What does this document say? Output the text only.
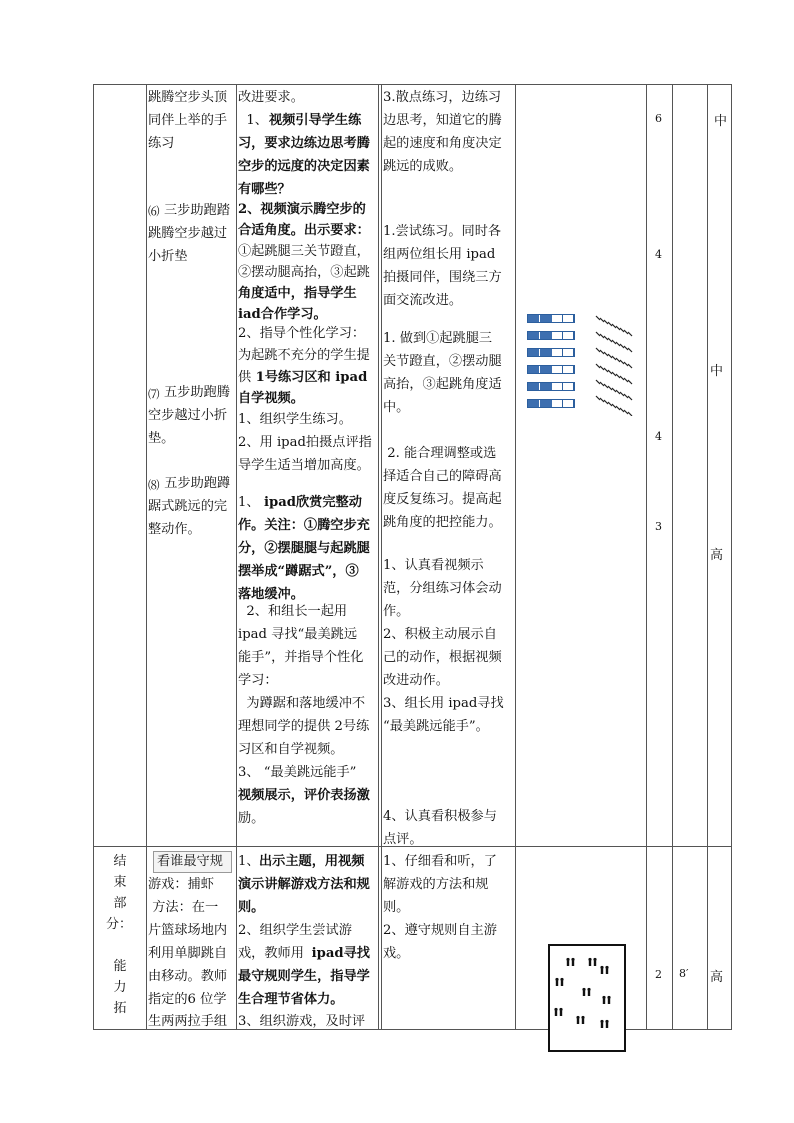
跳腾空步头顶
同伴上举的手
练习
⑹ 三步助跑踏
跳腾空步越过
小折垫
⑺ 五步助跑腾
空步越过小折
垫。
⑻ 五步助跑蹲
踞式跳远的完
整动作。
改进要求。
1、 视频引导学生练
习，要求边练边思考腾
空步的远度的决定因素
有哪些？
2、视频演示腾空步的
合适角度。出示要求：
①起跳腿三关节蹬直，
②摆动腿高抬，③起跳
角度适中，指导学生
iad合作学习。
2、指导个性化学习：
为起跳不充分的学生提
供 1号练习区和 ipad
自学视频。
1、组织学生练习。
2、用 ipad拍摄点评指
导学生适当增加高度。
1、 ipad欣赏完整动
作。关注：①腾空步充
分，②摆腿腿与起跳腿
摆举成“蹲踞式”，③
落地缓冲。
2、和组长一起用
ipad 寻找“最美跳远
能手”，并指导个性化
学习：
为蹲踞和落地缓冲不
理想同学的提供 2号练
习区和自学视频。
3、 “最美跳远能手”
视频展示，评价表扬激
励。
3.散点练习，边练习
边思考，知道它的腾
起的速度和角度决定
跳远的成败。
1.尝试练习。同时各
组两位组长用 ipad
拍摄同伴，围绕三方
面交流改进。
1. 做到①起跳腿三
关节蹬直，②摆动腿
高抬，③起跳角度适
中。
2. 能合理调整或选
择适合自己的障碍高
度反复练习。提高起
跳角度的把控能力。
1、认真看视频示
范，分组练习体会动
作。
2、积极主动展示自
己的动作，根据视频
改进动作。
3、组长用 ipad寻找
“最美跳远能手”。
4、认真看积极参与
点评。
6
4
4
3
中
中
高
结
束
部
分：
能
力
拓
看谁最守规
游戏：捕虾
方法：在一
片篮球场地内
利用单脚跳自
由移动。教师
指定的6 位学
生两两拉手组
1、 出示主题，用视频
演示讲解游戏方法和规
则。
2、组织学生尝试游
戏，教师用 ipad寻找
最守规则学生，指导学
生合理节省体力。
3、组织游戏，及时评
1、仔细看和听，了
解游戏的方法和规
则。
2、遵守规则自主游
戏。
2 8′ 高
